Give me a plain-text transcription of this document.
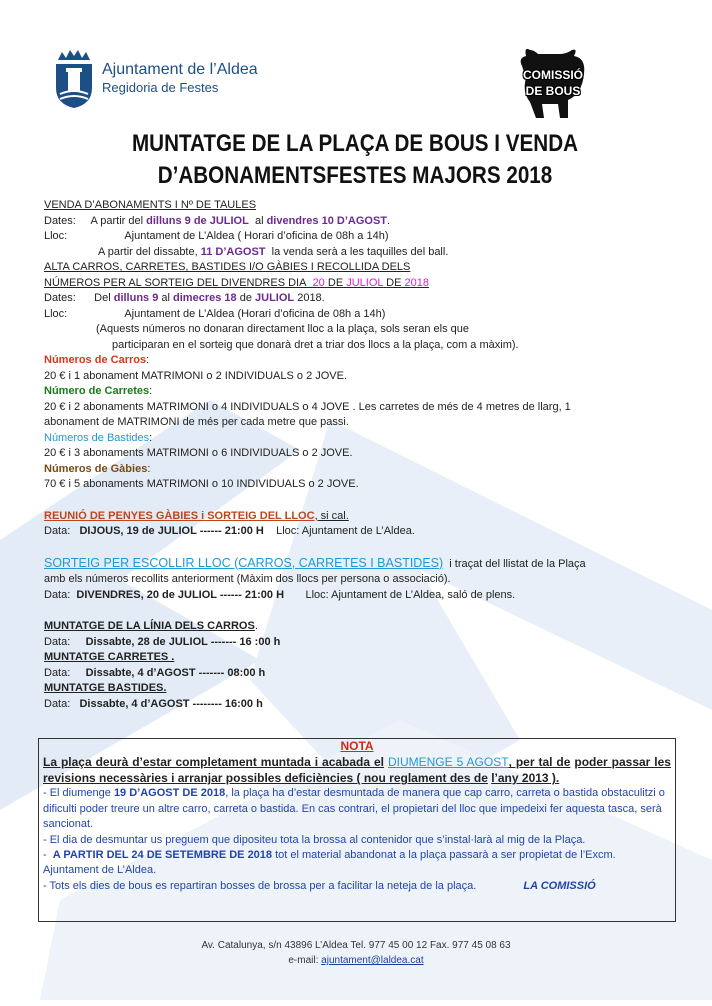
Ajuntament de l’Aldea
Regidoria de Festes
COMISSIÓ
DE BOUS
MUNTATGE DE LA PLAÇA DE BOUS I VENDA
D’ABONAMENTSFESTES MAJORS 2018

VENDA D’ABONAMENTS I Nº DE TAULES

Dates: A partir del dilluns 9 de JULIOL al divendres 10 D’AGOST.

Lloc:	Ajuntament de L’Aldea ( Horari d’oficina de 08h a 14h)

A partir del dissabte, 11 D’AGOST la venda serà a les taquilles del ball.

ALTA CARROS, CARRETES, BASTIDES I/O GÀBIES I RECOLLIDA DELS

NÚMEROS PER AL SORTEIG DEL DIVENDRES DIA 20 DE JULIOL DE 2018

Dates: Del dilluns 9 al dimecres 18 de JULIOL 2018.

Lloc:	Ajuntament de L’Aldea (Horari d’oficina de 08h a 14h)

(Aquests números no donaran directament lloc a la plaça, sols seran els que

participaran en el sorteig que donarà dret a triar dos llocs a la plaça, com a màxim).

Números de Carros:

20 € i 1 abonament MATRIMONI o 2 INDIVIDUALS o 2 JOVE.

Número de Carretes:

20 € i 2 abonaments MATRIMONI o 4 INDIVIDUALS o 4 JOVE . Les carretes de més de 4 metres de llarg, 1

abonament de MATRIMONI de més per cada metre que passi.

Números de Bastides:

20 € i 3 abonaments MATRIMONI o 6 INDIVIDUALS o 2 JOVE.

Números de Gàbies:

70 € i 5 abonaments MATRIMONI o 10 INDIVIDUALS o 2 JOVE.

REUNIÓ DE PENYES GÀBIES i SORTEIG DEL LLOC, si cal.

Data: DIJOUS, 19 de JULIOL ------ 21:00 H Lloc: Ajuntament de L’Aldea.

SORTEIG PER ESCOLLIR LLOC (CARROS, CARRETES I BASTIDES) i traçat del llistat de la Plaça

amb els números recollits anteriorment (Màxim dos llocs per persona o associació).

Data: DIVENDRES, 20 de JULIOL ------ 21:00 H Lloc: Ajuntament de L’Aldea, saló de plens.

MUNTATGE DE LA LÍNIA DELS CARROS.

Data: Dissabte, 28 de JULIOL ------- 16 :00 h

MUNTATGE CARRETES .

Data: Dissabte, 4 d’AGOST ------- 08:00 h

MUNTATGE BASTIDES.

Data: Dissabte, 4 d’AGOST -------- 16:00 h

NOTA
La plaça deurà d’estar completament muntada i acabada el DIUMENGE 5 AGOST, per tal de poder passar les revisions necessàries i arranjar possibles deficiències ( nou reglament des de l’any 2013 ).
- El diumenge 19 D’AGOST DE 2018, la plaça ha d’estar desmuntada de manera que cap carro, carreta o bastida obstaculitzi o dificulti poder treure un altre carro, carreta o bastida. En cas contrari, el propietari del lloc que impedeixi fer aquesta tasca, serà sancionat.
- El dia de desmuntar us preguem que dipositeu tota la brossa al contenidor que s’instal·larà al mig de la Plaça.
- A PARTIR DEL 24 DE SETEMBRE DE 2018 tot el material abandonat a la plaça passarà a ser propietat de l’Excm. Ajuntament de L’Aldea.
- Tots els dies de bous es repartiran bosses de brossa per a facilitar la neteja de la plaça.	LA COMISSIÓ
Av. Catalunya, s/n 43896 L’Aldea Tel. 977 45 00 12 Fax. 977 45 08 63
e-mail: ajuntament@laldea.cat
